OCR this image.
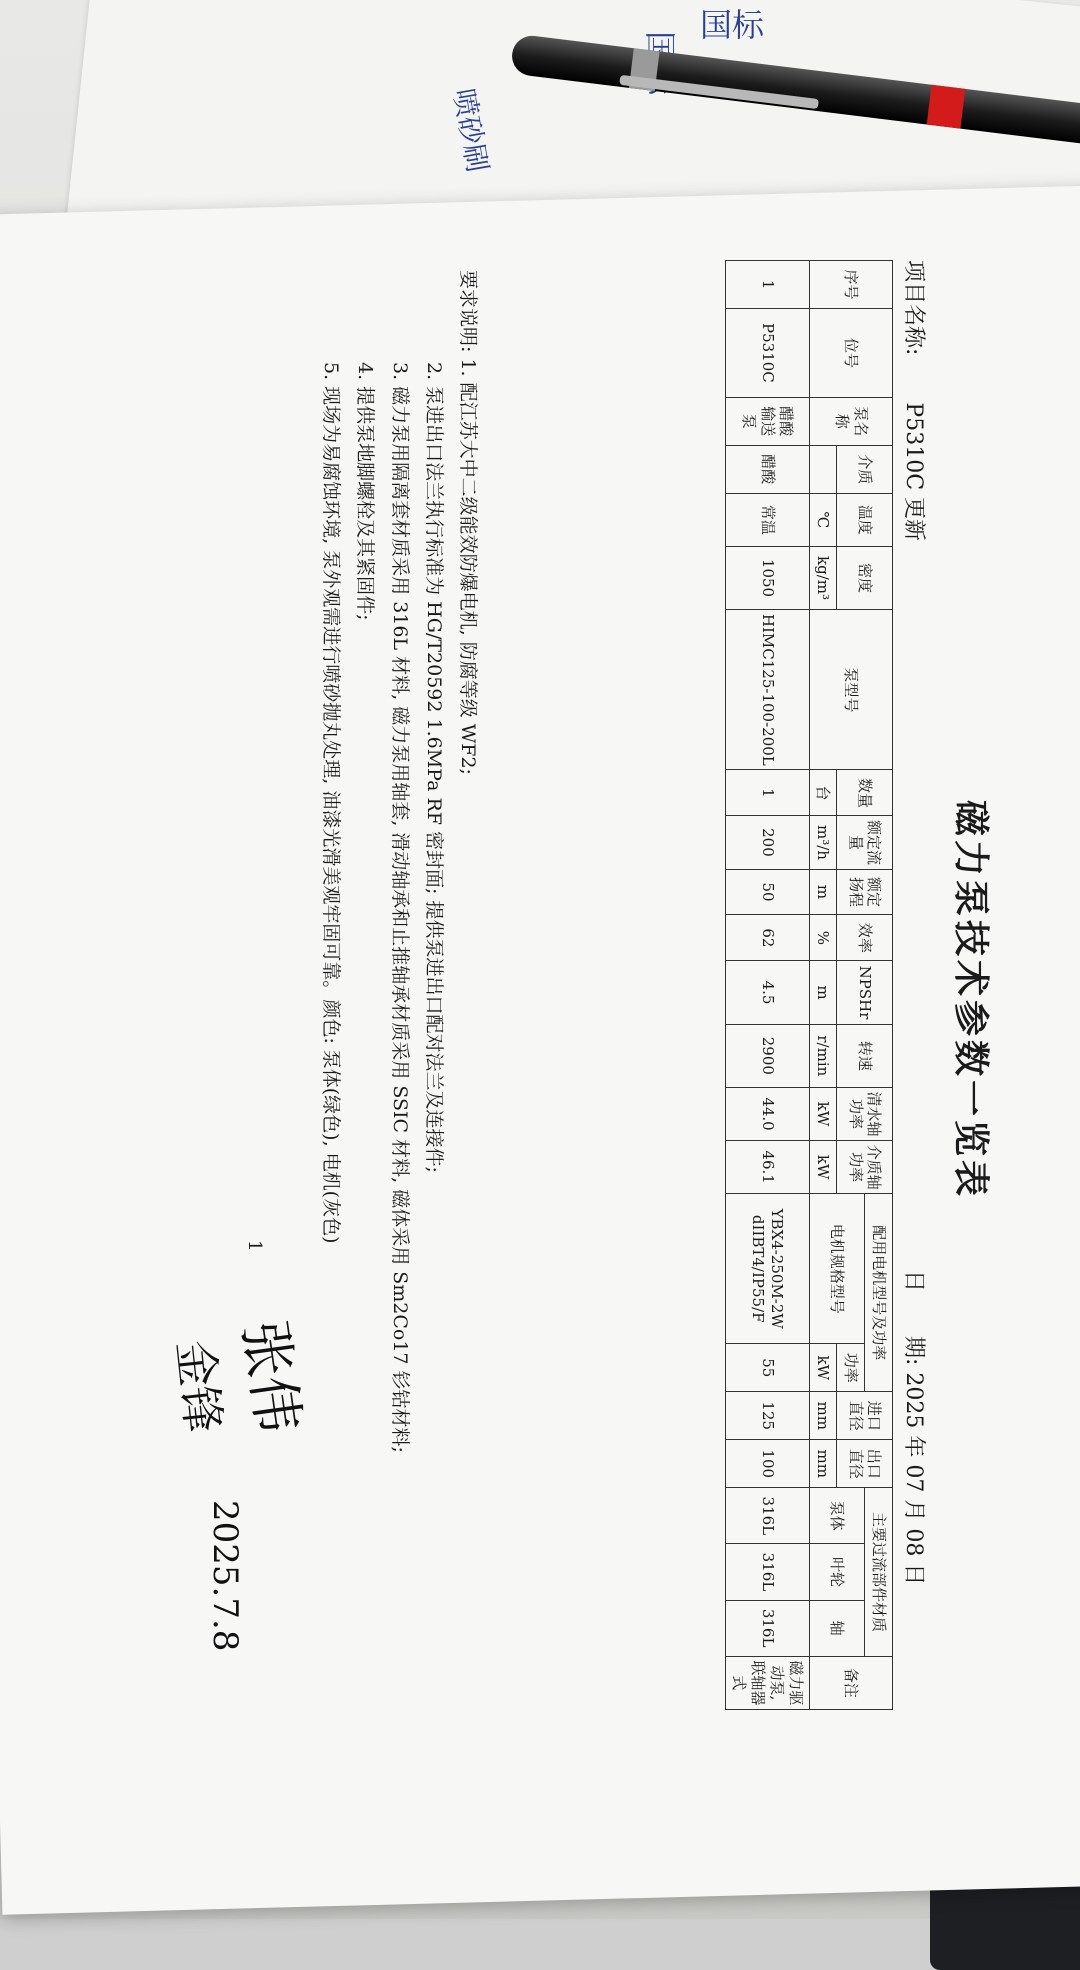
国标
喷砂刷
磁力泵技术参数一览表
项目名称: P5310C 更新
日　　期: 2025 年 07 月 08 日
序号	位号	泵名称	介质	温度	密度	泵型号	数量	额定流量	额定扬程	效率	NPSHr	转速	清水轴功率	介质轴功率	配用电机型号及功率		进口直径	出口直径	主要过流部件材质			备注
															电机规格型号	功率			泵体	叶轮	轴	
				℃	kg/m³		台	m³/h	m	%	m	r/min	kW	kW		kW	mm	mm				
1	P5310C	醋酸输送泵	醋酸	常温	1050	HIMC125-100-200L	1	200	50	62	4.5	2900	44.0	46.1	YBX4-250M-2W dIIBT4/IP55/F	55	125	100	316L	316L	316L	磁力驱动泵,联轴器式
要求说明: 1. 配江苏大中二级能效防爆电机, 防腐等级 WF2;
2. 泵进出口法兰执行标准为 HG/T20592 1.6MPa RF 密封面; 提供泵进出口配对法兰及连接件;
3. 磁力泵用隔离套材质采用 316L 材料, 磁力泵用轴套, 滑动轴承和止推轴承材质采用 SSIC 材料, 磁体采用 Sm2Co17 钐钴材料;
4. 提供泵地脚螺栓及其紧固件;
5. 现场为易腐蚀环境, 泵外观需进行喷砂抛丸处理, 油漆光滑美观牢固可靠。颜色: 泵体(绿色), 电机(灰色)
1
张伟
金锋
2025.7.8
